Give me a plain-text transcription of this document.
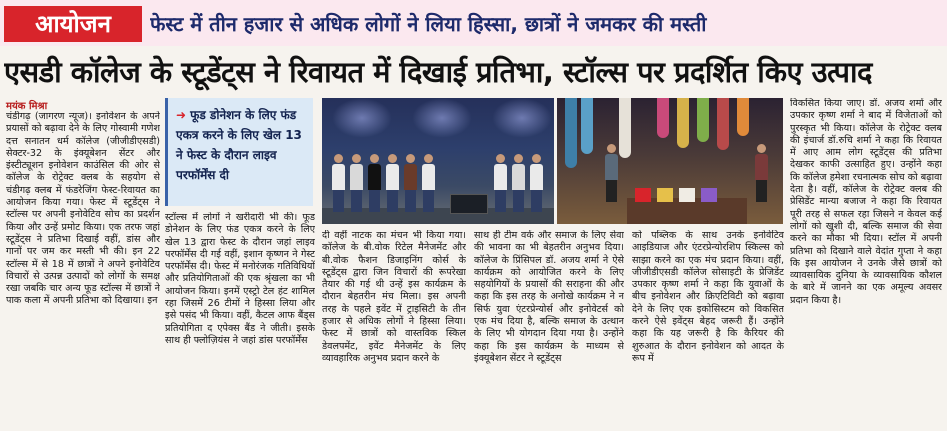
आयोजन	फेस्ट में तीन हजार से अधिक लोगों ने लिया हिस्सा, छात्रों ने जमकर की मस्ती
एसडी कॉलेज के स्टूडेंट्स ने रिवायत में दिखाई प्रतिभा, स्टॉल्स पर प्रदर्शित किए उत्पाद
मयंक मिश्रा

चंडीगढ़ (जागरण न्यूज)। इनोवेशन के अपने प्रयासों को बढ़ावा देने के लिए गोस्वामी गणेश दत्त सनातन धर्म कॉलेज (जीजीडीएसडी) सेक्टर-32 के इंक्यूबेशन सेंटर और इंस्टीट्यूशन इनोवेशन काउंसिल की ओर से कॉलेज के रोट्रेक्ट क्लब के सहयोग से चंडीगढ़ क्लब में फंडरेजिंग फेस्ट-रिवायत का आयोजन किया गया। फेस्ट में स्टूडेंट्स ने स्टॉल्स पर अपनी इनोवेटिव सोच का प्रदर्शन किया और उन्हें प्रमोट किया। एक तरफ जहां स्टूडेंट्स ने प्रतिभा दिखाई वहीं, डांस और गानों पर जम कर मस्ती भी की। इन 22 स्टॉल्स में से 18 में छात्रों ने अपने इनोवेटिव विचारों से उत्पन्न उत्पादों को लोगों के समक्ष रखा जबकि चार अन्य फूड स्टॉल्स में छात्रों ने पाक कला में अपनी प्रतिभा को दिखाया। इन

➜ फूड डोनेशन के लिए फंड एकत्र करने के लिए खेल 13 ने फेस्ट के दौरान लाइव परफॉर्मेंस दी

स्टॉल्स में लोगों ने खरीदारी भी की। फूड डोनेशन के लिए फंड एकत्र करने के लिए खेल 13 द्वारा फेस्ट के दौरान जहां लाइव परफॉर्मेंस दी गई वहीं, इशान कृष्णन ने गेस्ट परफॉर्मेंस दी। फेस्ट में मनोरंजक गतिविधियों और प्रतियोगिताओं की एक श्रृंखला का भी आयोजन किया। इनमें एस्ट्रो टेल हंट शामिल रहा जिसमें 26 टीमों ने हिस्सा लिया और इसे पसंद भी किया। वहीं, कैटल आफ बैंड्स प्रतियोगिता द एपेक्स बैंड ने जीती। इसके साथ ही फ्लोज़ियंस ने जहां डांस परफॉर्मेंस

दी वहीं नाटक का मंचन भी किया गया। कॉलेज के बी.वोक रिटेल मैनेजमेंट और बी.वोक फैशन डिजाइनिंग कोर्स के स्टूडेंट्स द्वारा जिन विचारों की रूपरेखा तैयार की गई थी उन्हें इस कार्यक्रम के दौरान बेहतरीन मंच मिला। इस अपनी तरह के पहले इवेंट में ट्राइसिटी के तीन हजार से अधिक लोगों ने हिस्सा लिया। फेस्ट में छात्रों को वास्तविक स्किल डेवलपमेंट, इवेंट मैनेजमेंट के लिए व्यावहारिक अनुभव प्रदान करने के

साथ ही टीम वर्क और समाज के लिए सेवा की भावना का भी बेहतरीन अनुभव दिया। कॉलेज के प्रिंसिपल डॉ. अजय शर्मा ने ऐसे कार्यक्रम को आयोजित करने के लिए सहयोगियों के प्रयासों की सराहना की और कहा कि इस तरह के अनोखे कार्यक्रम ने न सिर्फ युवा एंटरप्रेन्योर्स और इनोवेटर्स को एक मंच दिया है, बल्कि समाज के उत्थान के लिए भी योगदान दिया गया है। उन्होंने कहा कि इस कार्यक्रम के माध्यम से इंक्यूबेशन सेंटर ने स्टूडेंट्स

को पब्लिक के साथ उनके इनोवेटिव आइडियाज और एंटरप्रेन्योरशिप स्किल्स को साझा करने का एक मंच प्रदान किया। वहीं, जीजीडीएसडी कॉलेज सोसाइटी के प्रेजिडेंट उपकार कृष्ण शर्मा ने कहा कि युवाओं के बीच इनोवेशन और क्रिएटिविटी को बढ़ावा देने के लिए एक इकोसिस्टम को विकसित करने ऐसे इवेंट्स बेहद जरूरी हैं। उन्होंने कहा कि यह जरूरी है कि कैरियर की शुरुआत के दौरान इनोवेशन को आदत के रूप में

विकसित किया जाए। डॉ. अजय शर्मा और उपकार कृष्ण शर्मा ने बाद में विजेताओं को पुरस्कृत भी किया। कॉलेज के रोट्रेक्ट क्लब की इंचार्ज डॉ.रुचि शर्मा ने कहा कि रिवायत में आए आम लोग स्टूडेंट्स की प्रतिभा देखकर काफी उत्साहित हुए। उन्होंने कहा कि कॉलेज हमेशा रचनात्मक सोच को बढ़ावा देता है। वहीं, कॉलेज के रोट्रेक्ट क्लब की प्रेसिडेंट मान्या बजाज ने कहा कि रिवायत पूरी तरह से सफल रहा जिसने न केवल कई लोगों को खुशी दी, बल्कि समाज की सेवा करने का मौका भी दिया। स्टॉल में अपनी प्रतिभा को दिखाने वाले वेदांत गुप्ता ने कहा कि इस आयोजन ने उनके जैसे छात्रों को व्यावसायिक दुनिया के व्यावसायिक कौशल के बारे में जानने का एक अमूल्य अवसर प्रदान किया है।
